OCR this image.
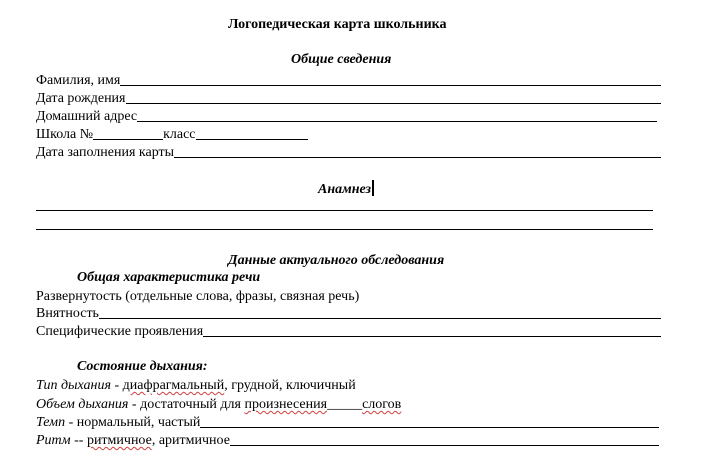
Логопедическая карта школьника
Общие сведения
Фамилия, имя
Дата рождения
Домашний адрес
Школа №	класс
Дата заполнения карты
Анамнез
Данные актуального обследования
Общая характеристика речи
Развернутость (отдельные слова, фразы, связная речь)
Внятность
Специфические проявления
Состояние дыхания:
Тип дыхания - диафрагмальный, грудной, ключичный
Объем дыхания - достаточный для произнесения_____слогов
Темп - нормальный, частый
Ритм -- ритмичное, аритмичное
